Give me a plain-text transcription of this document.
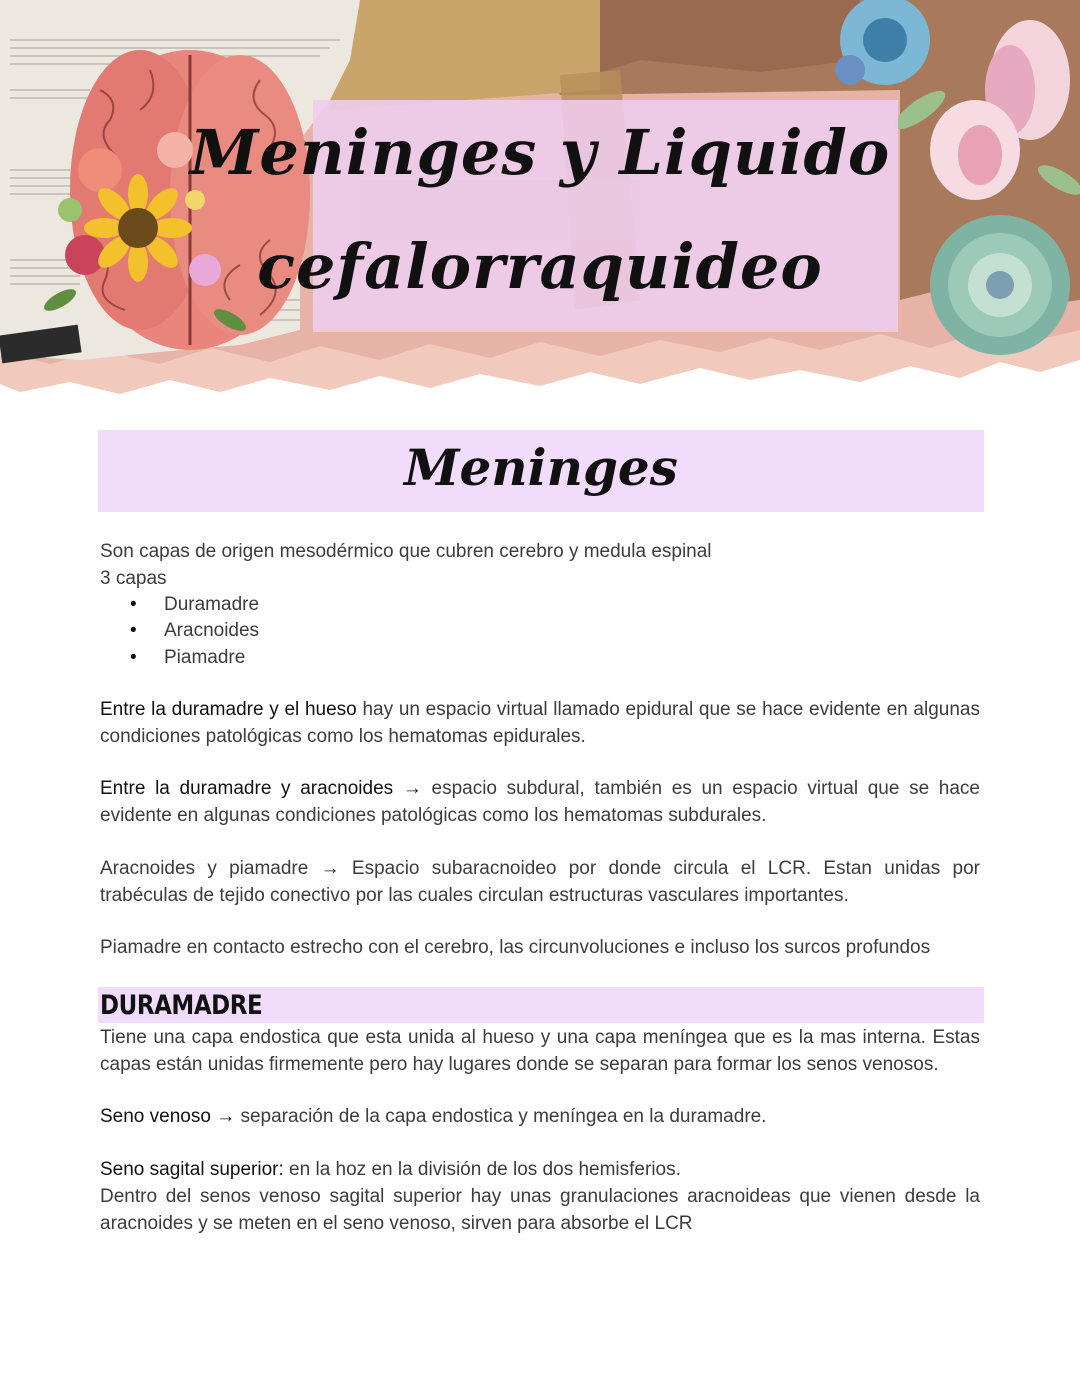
Meninges y Liquido
cefalorraquideo
Meninges
Son capas de origen mesodérmico que cubren cerebro y medula espinal
3 capas
• Duramadre
• Aracnoides
• Piamadre
Entre la duramadre y el hueso hay un espacio virtual llamado epidural que se hace evidente en algunas condiciones patológicas como los hematomas epidurales.
Entre la duramadre y aracnoides → espacio subdural, también es un espacio virtual que se hace evidente en algunas condiciones patológicas como los hematomas subdurales.
Aracnoides y piamadre → Espacio subaracnoideo por donde circula el LCR. Estan unidas por trabéculas de tejido conectivo por las cuales circulan estructuras vasculares importantes.
Piamadre en contacto estrecho con el cerebro, las circunvoluciones e incluso los surcos profundos
DURAMADRE
Tiene una capa endostica que esta unida al hueso y una capa meníngea que es la mas interna. Estas capas están unidas firmemente pero hay lugares donde se separan para formar los senos venosos.
Seno venoso → separación de la capa endostica y meníngea en la duramadre.
Seno sagital superior: en la hoz en la división de los dos hemisferios.
Dentro del senos venoso sagital superior hay unas granulaciones aracnoideas que vienen desde la aracnoides y se meten en el seno venoso, sirven para absorbe el LCR
